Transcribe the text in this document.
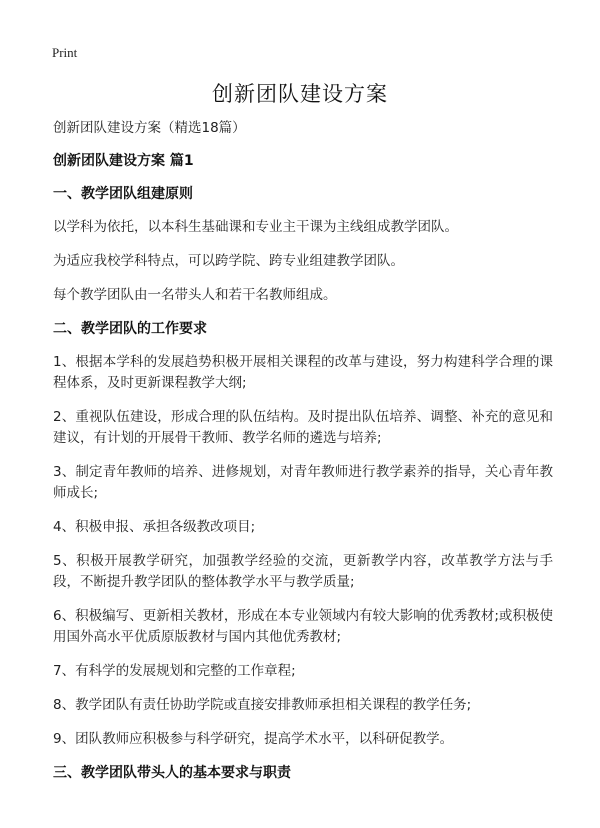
Print
创新团队建设方案
创新团队建设方案（精选18篇）
创新团队建设方案 篇1
一、教学团队组建原则
以学科为依托，以本科生基础课和专业主干课为主线组成教学团队。
为适应我校学科特点，可以跨学院、跨专业组建教学团队。
每个教学团队由一名带头人和若干名教师组成。
二、教学团队的工作要求
1、根据本学科的发展趋势积极开展相关课程的改革与建设，努力构建科学合理的课程体系，及时更新课程教学大纲;
2、重视队伍建设，形成合理的队伍结构。及时提出队伍培养、调整、补充的意见和建议，有计划的开展骨干教师、教学名师的遴选与培养;
3、制定青年教师的培养、进修规划，对青年教师进行教学素养的指导，关心青年教师成长;
4、积极申报、承担各级教改项目;
5、积极开展教学研究，加强教学经验的交流，更新教学内容，改革教学方法与手段，不断提升教学团队的整体教学水平与教学质量;
6、积极编写、更新相关教材，形成在本专业领域内有较大影响的优秀教材;或积极使用国外高水平优质原版教材与国内其他优秀教材;
7、有科学的发展规划和完整的工作章程;
8、教学团队有责任协助学院或直接安排教师承担相关课程的教学任务;
9、团队教师应积极参与科学研究，提高学术水平，以科研促教学。
三、教学团队带头人的基本要求与职责
